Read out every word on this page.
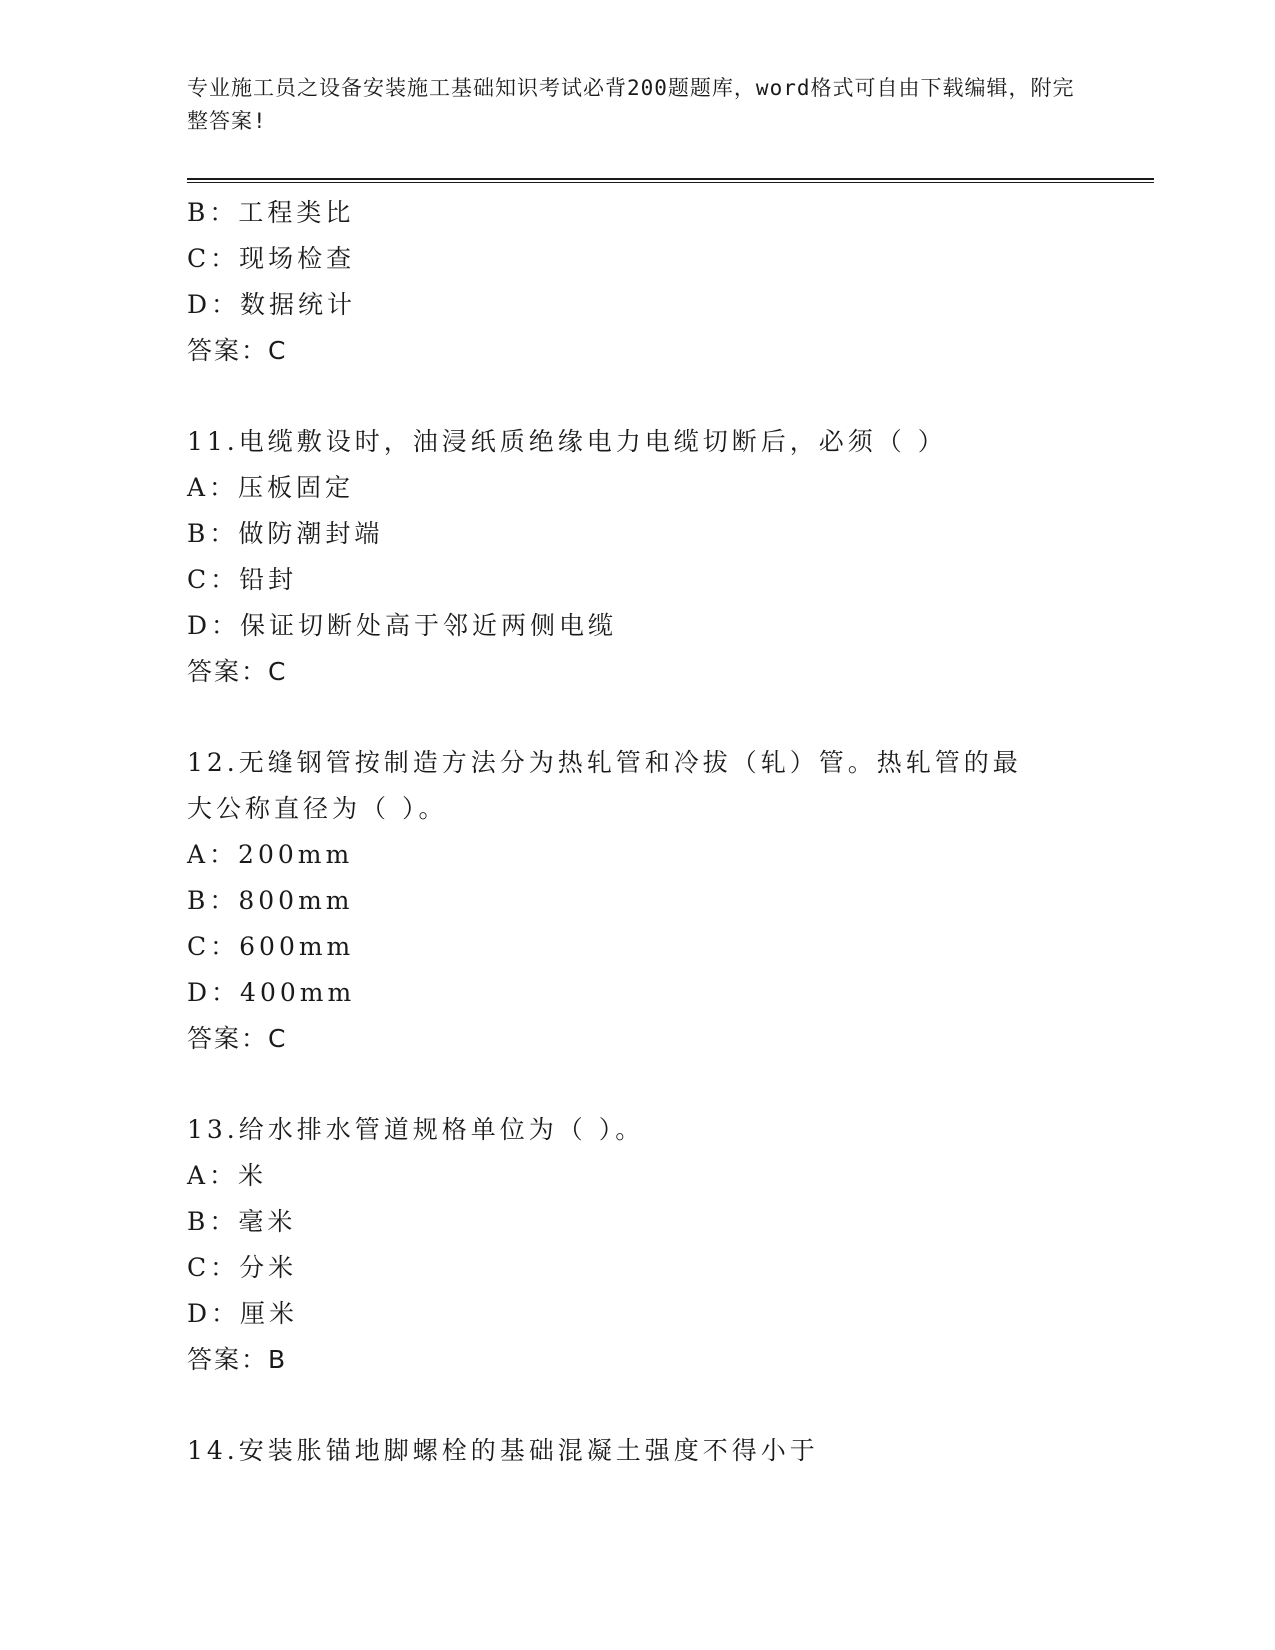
专业施工员之设备安装施工基础知识考试必背200题题库，word格式可自由下载编辑，附完整答案!
B：工程类比
C：现场检查
D：数据统计
答案：C
11.电缆敷设时，油浸纸质绝缘电力电缆切断后，必须（ ）
A：压板固定
B：做防潮封端
C：铅封
D：保证切断处高于邻近两侧电缆
答案：C
12.无缝钢管按制造方法分为热轧管和冷拔（轧）管。热轧管的最大公称直径为（ ）。
A：200mm
B：800mm
C：600mm
D：400mm
答案：C
13.给水排水管道规格单位为（ ）。
A：米
B：毫米
C：分米
D：厘米
答案：B
14.安装胀锚地脚螺栓的基础混凝土强度不得小于
